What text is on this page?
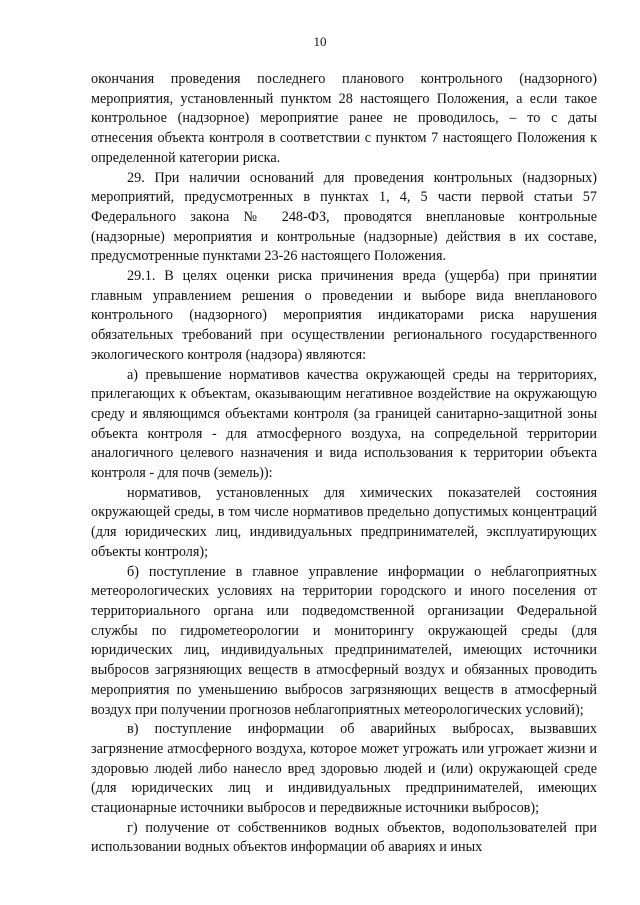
10

окончания проведения последнего планового контрольного (надзорного) мероприятия, установленный пунктом 28 настоящего Положения, а если такое контрольное (надзорное) мероприятие ранее не проводилось, – то с даты отнесения объекта контроля в соответствии с пунктом 7 настоящего Положения к определенной категории риска.

29. При наличии оснований для проведения контрольных (надзорных) мероприятий, предусмотренных в пунктах 1, 4, 5 части первой статьи 57 Федерального закона № 248-ФЗ, проводятся внеплановые контрольные (надзорные) мероприятия и контрольные (надзорные) действия в их составе, предусмотренные пунктами 23-26 настоящего Положения.

29.1. В целях оценки риска причинения вреда (ущерба) при принятии главным управлением решения о проведении и выборе вида внепланового контрольного (надзорного) мероприятия индикаторами риска нарушения обязательных требований при осуществлении регионального государственного экологического контроля (надзора) являются:

а) превышение нормативов качества окружающей среды на территориях, прилегающих к объектам, оказывающим негативное воздействие на окружающую среду и являющимся объектами контроля (за границей санитарно-защитной зоны объекта контроля - для атмосферного воздуха, на сопредельной территории аналогичного целевого назначения и вида использования к территории объекта контроля - для почв (земель)):

нормативов, установленных для химических показателей состояния окружающей среды, в том числе нормативов предельно допустимых концентраций (для юридических лиц, индивидуальных предпринимателей, эксплуатирующих объекты контроля);

б) поступление в главное управление информации о неблагоприятных метеорологических условиях на территории городского и иного поселения от территориального органа или подведомственной организации Федеральной службы по гидрометеорологии и мониторингу окружающей среды (для юридических лиц, индивидуальных предпринимателей, имеющих источники выбросов загрязняющих веществ в атмосферный воздух и обязанных проводить мероприятия по уменьшению выбросов загрязняющих веществ в атмосферный воздух при получении прогнозов неблагоприятных метеорологических условий);

в) поступление информации об аварийных выбросах, вызвавших загрязнение атмосферного воздуха, которое может угрожать или угрожает жизни и здоровью людей либо нанесло вред здоровью людей и (или) окружающей среде (для юридических лиц и индивидуальных предпринимателей, имеющих стационарные источники выбросов и передвижные источники выбросов);

г) получение от собственников водных объектов, водопользователей при использовании водных объектов информации об авариях и иных
